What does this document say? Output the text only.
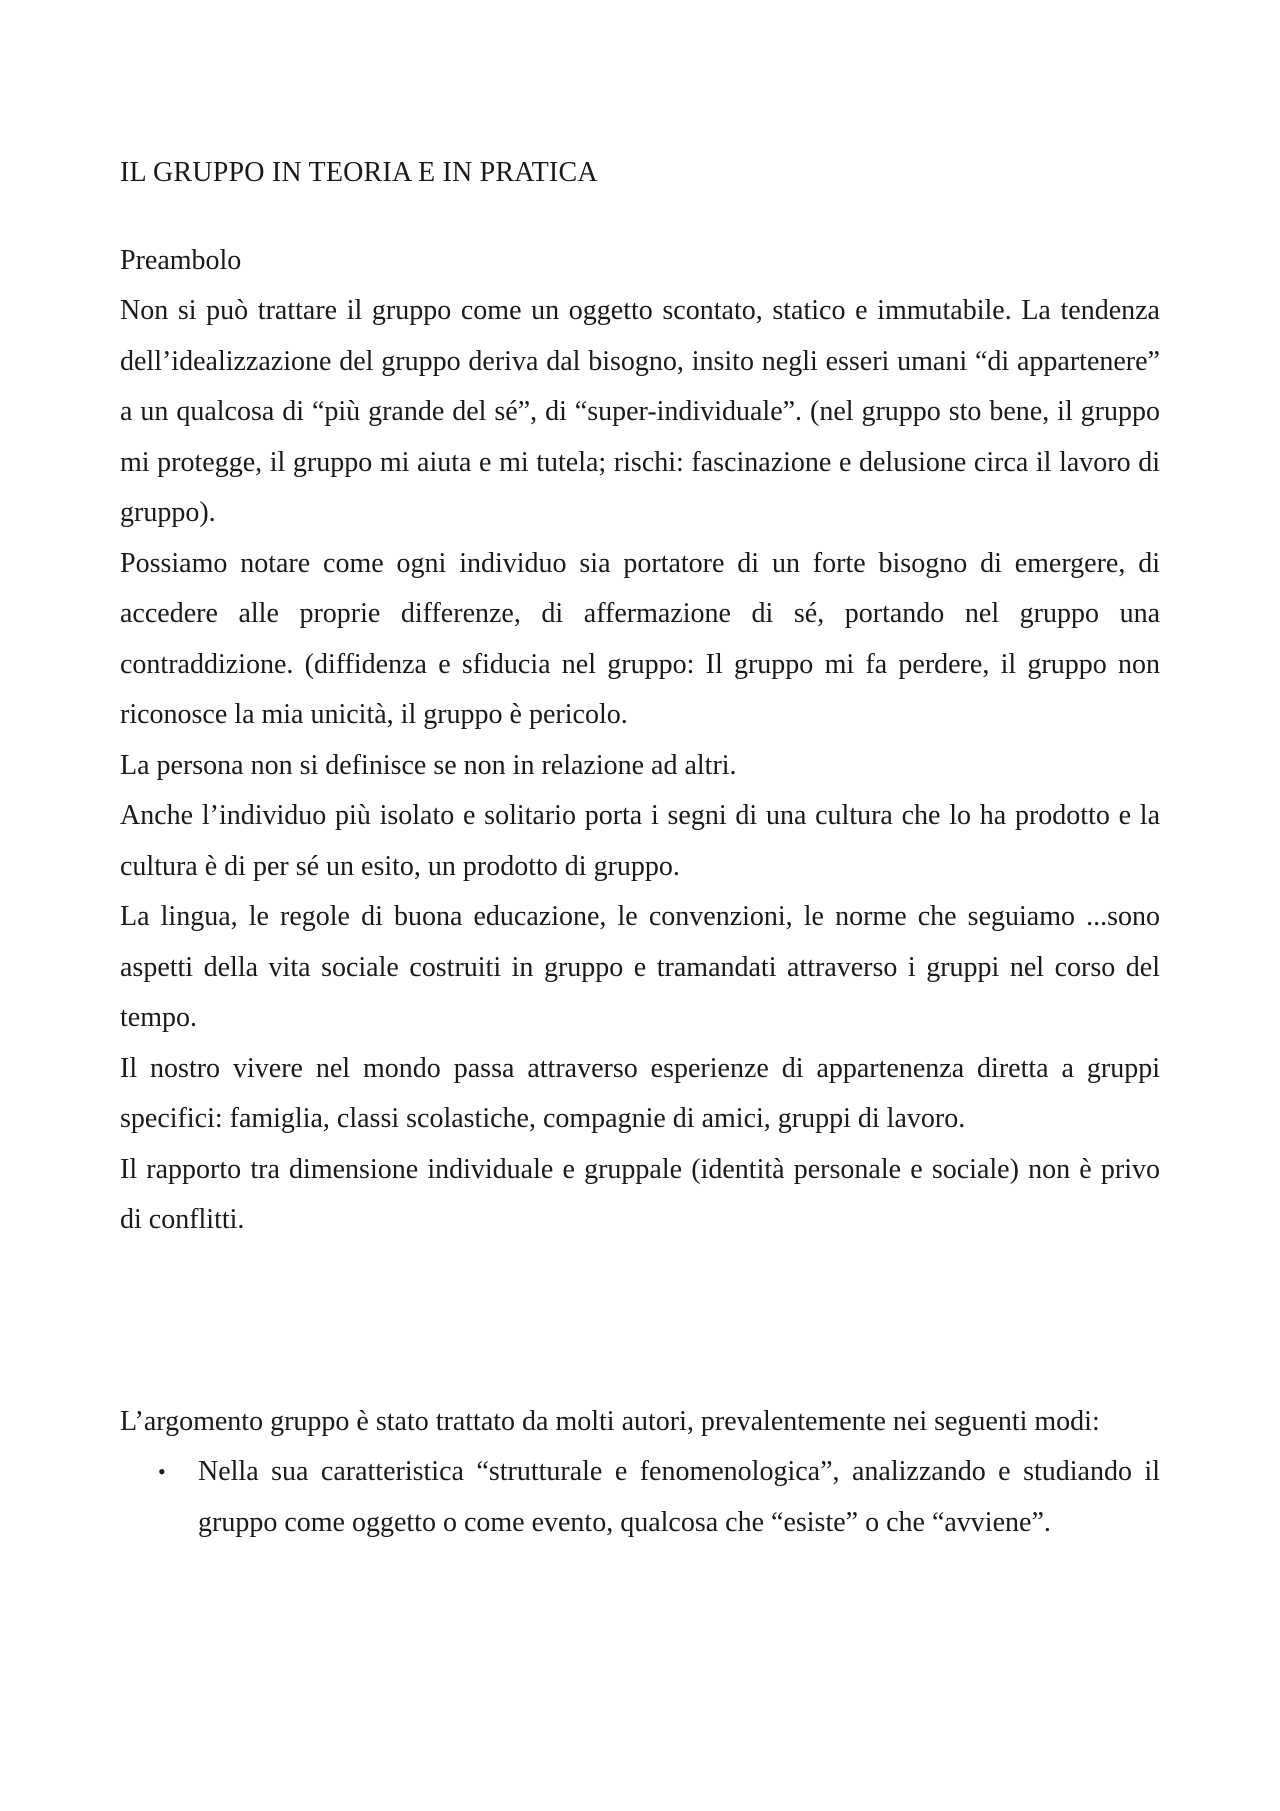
IL GRUPPO IN TEORIA E IN PRATICA

Preambolo

Non si può trattare il gruppo come un oggetto scontato, statico e immutabile. La tendenza dell’idealizzazione del gruppo deriva dal bisogno, insito negli esseri umani “di appartenere” a un qualcosa di “più grande del sé”, di “super-individuale”. (nel gruppo sto bene, il gruppo mi protegge, il gruppo mi aiuta e mi tutela; rischi: fascinazione e delusione circa il lavoro di gruppo).

Possiamo notare come ogni individuo sia portatore di un forte bisogno di emergere, di accedere alle proprie differenze, di affermazione di sé, portando nel gruppo una contraddizione. (diffidenza e sfiducia nel gruppo: Il gruppo mi fa perdere, il gruppo non riconosce la mia unicità, il gruppo è pericolo.

La persona non si definisce se non in relazione ad altri.

Anche l’individuo più isolato e solitario porta i segni di una cultura che lo ha prodotto e la cultura è di per sé un esito, un prodotto di gruppo.

La lingua, le regole di buona educazione, le convenzioni, le norme che seguiamo ...sono aspetti della vita sociale costruiti in gruppo e tramandati attraverso i gruppi nel corso del tempo.

Il nostro vivere nel mondo passa attraverso esperienze di appartenenza diretta a gruppi specifici: famiglia, classi scolastiche, compagnie di amici, gruppi di lavoro.

Il rapporto tra dimensione individuale e gruppale (identità personale e sociale) non è privo di conflitti.

L’argomento gruppo è stato trattato da molti autori, prevalentemente nei seguenti modi:

• Nella sua caratteristica “strutturale e fenomenologica”, analizzando e studiando il gruppo come oggetto o come evento, qualcosa che “esiste” o che “avviene”.
